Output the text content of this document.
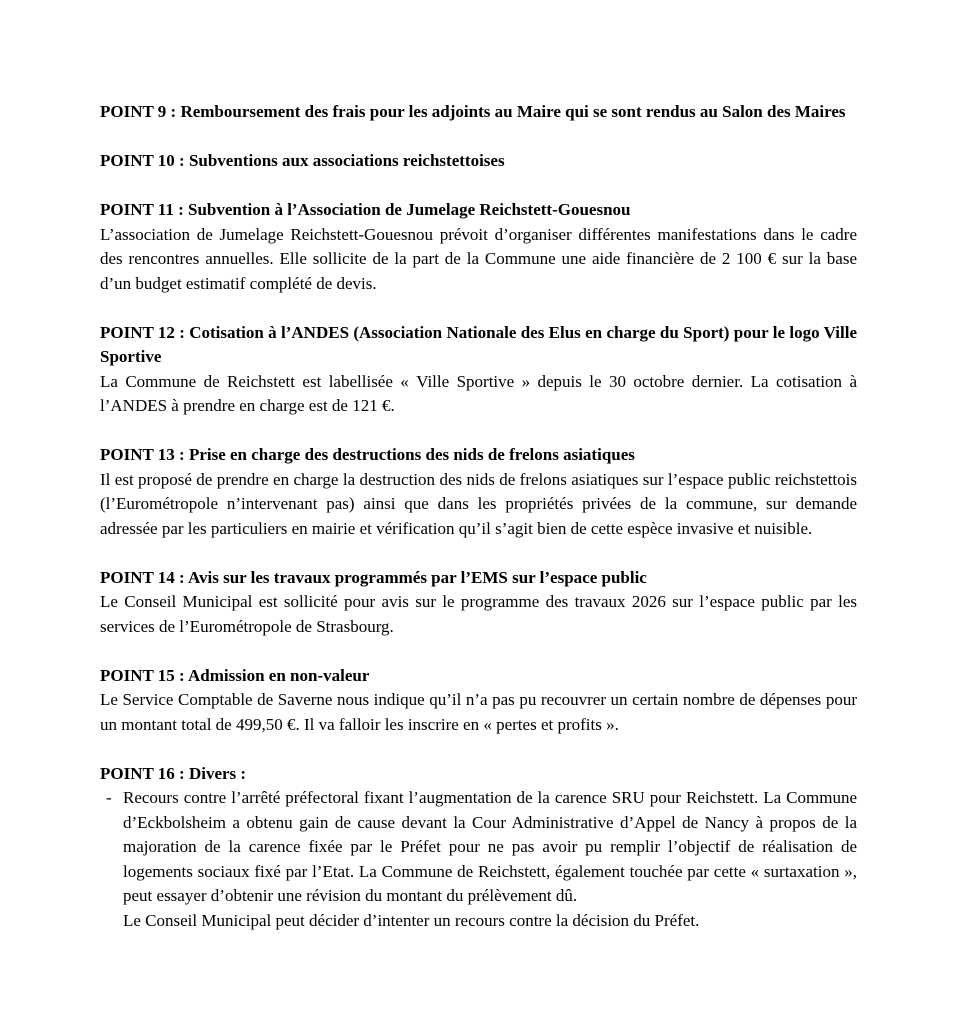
POINT 9 : Remboursement des frais pour les adjoints au Maire qui se sont rendus au Salon des Maires

POINT 10 : Subventions aux associations reichstettoises

POINT 11 : Subvention à l’Association de Jumelage Reichstett-Gouesnou

L’association de Jumelage Reichstett-Gouesnou prévoit d’organiser différentes manifestations dans le cadre des rencontres annuelles. Elle sollicite de la part de la Commune une aide financière de 2 100 € sur la base d’un budget estimatif complété de devis.

POINT 12 : Cotisation à l’ANDES (Association Nationale des Elus en charge du Sport) pour le logo Ville Sportive

La Commune de Reichstett est labellisée « Ville Sportive » depuis le 30 octobre dernier. La cotisation à l’ANDES à prendre en charge est de 121 €.

POINT 13 : Prise en charge des destructions des nids de frelons asiatiques

Il est proposé de prendre en charge la destruction des nids de frelons asiatiques sur l’espace public reichstettois (l’Eurométropole n’intervenant pas) ainsi que dans les propriétés privées de la commune, sur demande adressée par les particuliers en mairie et vérification qu’il s’agit bien de cette espèce invasive et nuisible.

POINT 14 : Avis sur les travaux programmés par l’EMS sur l’espace public

Le Conseil Municipal est sollicité pour avis sur le programme des travaux 2026 sur l’espace public par les services de l’Eurométropole de Strasbourg.

POINT 15 : Admission en non-valeur

Le Service Comptable de Saverne nous indique qu’il n’a pas pu recouvrer un certain nombre de dépenses pour un montant total de 499,50 €. Il va falloir les inscrire en « pertes et profits ».

POINT 16 : Divers :

- Recours contre l’arrêté préfectoral fixant l’augmentation de la carence SRU pour Reichstett. La Commune d’Eckbolsheim a obtenu gain de cause devant la Cour Administrative d’Appel de Nancy à propos de la majoration de la carence fixée par le Préfet pour ne pas avoir pu remplir l’objectif de réalisation de logements sociaux fixé par l’Etat. La Commune de Reichstett, également touchée par cette « surtaxation », peut essayer d’obtenir une révision du montant du prélèvement dû.

Le Conseil Municipal peut décider d’intenter un recours contre la décision du Préfet.
